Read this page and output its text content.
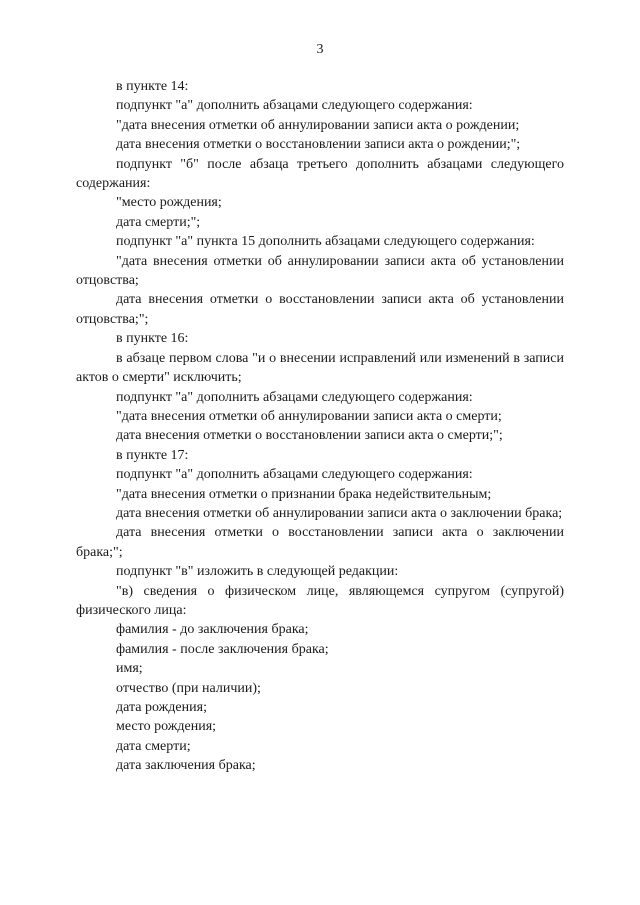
3

в пункте 14:

подпункт "а" дополнить абзацами следующего содержания:

"дата внесения отметки об аннулировании записи акта о рождении;

дата внесения отметки о восстановлении записи акта о рождении;";

подпункт "б" после абзаца третьего дополнить абзацами следующего содержания:

"место рождения;

дата смерти;";

подпункт "а" пункта 15 дополнить абзацами следующего содержания:

"дата внесения отметки об аннулировании записи акта об установлении отцовства;

дата внесения отметки о восстановлении записи акта об установлении отцовства;";

в пункте 16:

в абзаце первом слова "и о внесении исправлений или изменений в записи актов о смерти" исключить;

подпункт "а" дополнить абзацами следующего содержания:

"дата внесения отметки об аннулировании записи акта о смерти;

дата внесения отметки о восстановлении записи акта о смерти;";

в пункте 17:

подпункт "а" дополнить абзацами следующего содержания:

"дата внесения отметки о признании брака недействительным;

дата внесения отметки об аннулировании записи акта о заключении брака;

дата внесения отметки о восстановлении записи акта о заключении брака;";

подпункт "в" изложить в следующей редакции:

"в) сведения о физическом лице, являющемся супругом (супругой) физического лица:

фамилия - до заключения брака;

фамилия - после заключения брака;

имя;

отчество (при наличии);

дата рождения;

место рождения;

дата смерти;

дата заключения брака;
